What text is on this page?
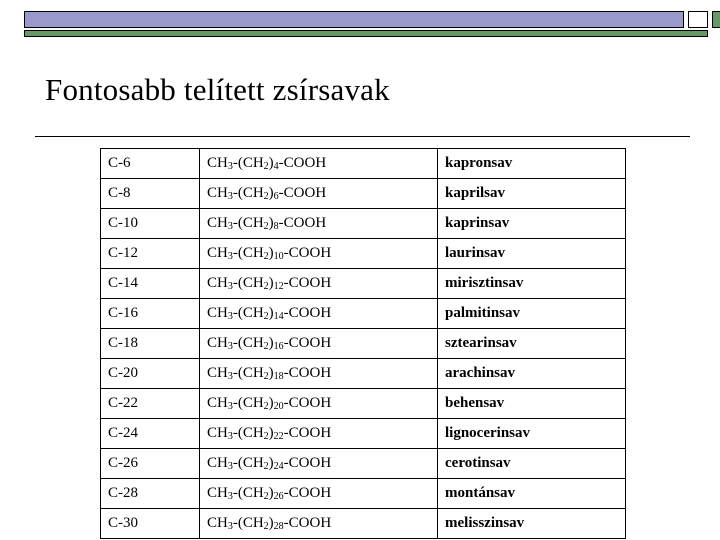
Fontosabb telített zsírsavak
C-6	$CH_3-(CH_2)_4$-COOH	kapronsav
C-8	$CH_3-(CH_2)_6$-COOH	kaprilsav
C-10	$CH_3-(CH_2)_8$-COOH	kaprinsav
C-12	$CH_3-(CH_2)_{10}$-COOH	laurinsav
C-14	$CH_3-(CH_2)_{12}$-COOH	mirisztinsav
C-16	$CH_3-(CH_2)_{14}$-COOH	palmitinsav
C-18	$CH_3-(CH_2)_{16}$-COOH	sztearinsav
C-20	$CH_3-(CH_2)_{18}$-COOH	arachinsav
C-22	$CH_3-(CH_2)_{20}$-COOH	behensav
C-24	$CH_3-(CH_2)_{22}$-COOH	lignocerinsav
C-26	$CH_3-(CH_2)_{24}$-COOH	cerotinsav
C-28	$CH_3-(CH_2)_{26}$-COOH	montánsav
C-30	$CH_3-(CH_2)_{28}$-COOH	melisszinsav
